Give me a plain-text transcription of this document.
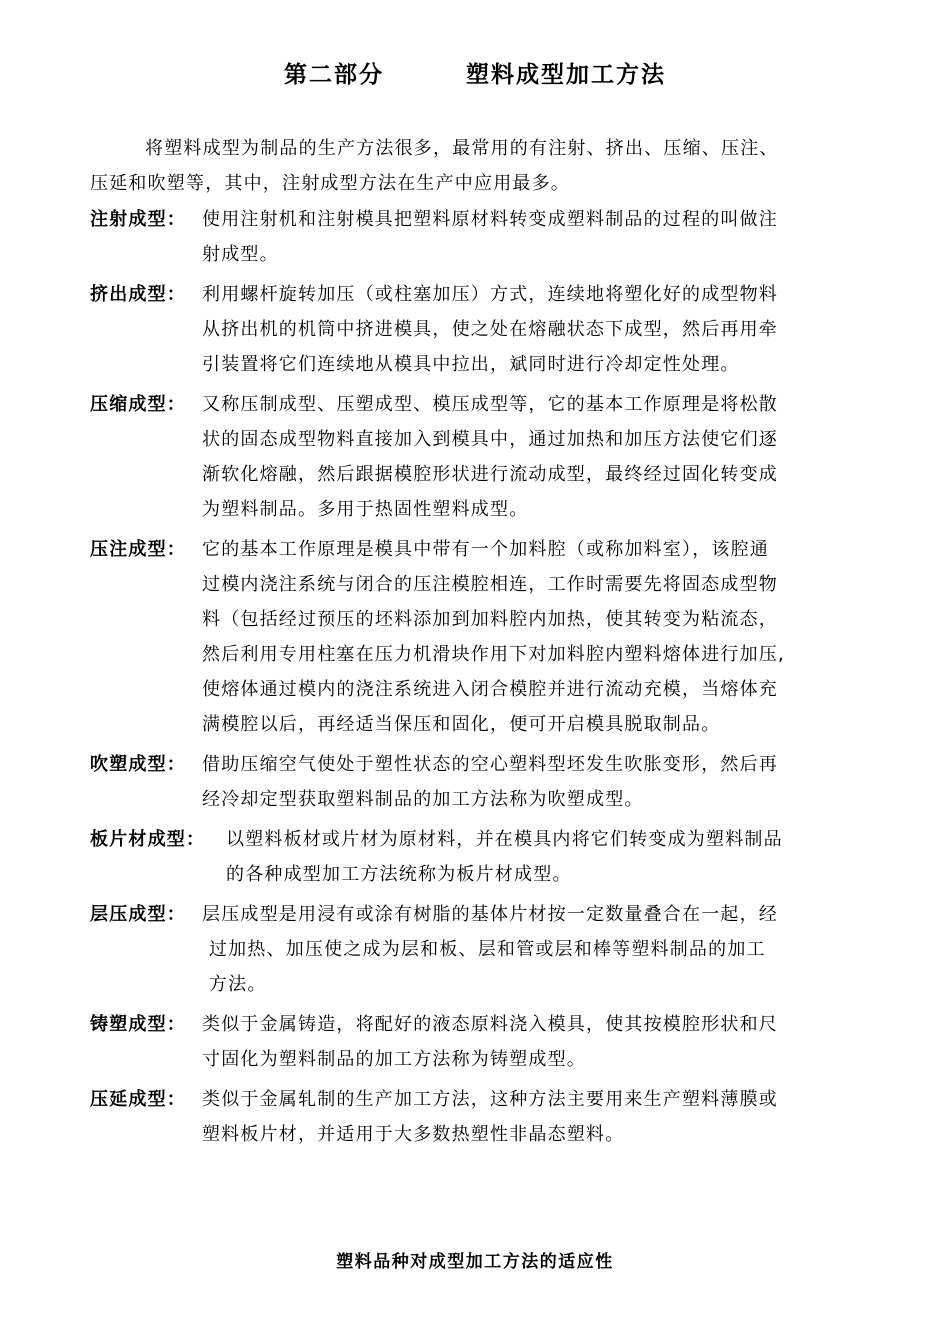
第二部分	塑料成型加工方法
将塑料成型为制品的生产方法很多，最常用的有注射、挤出、压缩、压注、
压延和吹塑等，其中，注射成型方法在生产中应用最多。
注射成型： 使用注射机和注射模具把塑料原材料转变成塑料制品的过程的叫做注
射成型。
挤出成型： 利用螺杆旋转加压（或柱塞加压）方式，连续地将塑化好的成型物料
从挤出机的机筒中挤进模具，使之处在熔融状态下成型，然后再用牵
引装置将它们连续地从模具中拉出，斌同时进行冷却定性处理。
压缩成型： 又称压制成型、压塑成型、模压成型等，它的基本工作原理是将松散
状的固态成型物料直接加入到模具中，通过加热和加压方法使它们逐
渐软化熔融，然后跟据模腔形状进行流动成型，最终经过固化转变成
为塑料制品。多用于热固性塑料成型。
压注成型： 它的基本工作原理是模具中带有一个加料腔（或称加料室），该腔通
过模内浇注系统与闭合的压注模腔相连，工作时需要先将固态成型物
料（包括经过预压的坯料添加到加料腔内加热，使其转变为粘流态，
然后利用专用柱塞在压力机滑块作用下对加料腔内塑料熔体进行加压,
使熔体通过模内的浇注系统进入闭合模腔并进行流动充模，当熔体充
满模腔以后，再经适当保压和固化，便可开启模具脱取制品。
吹塑成型： 借助压缩空气使处于塑性状态的空心塑料型坯发生吹胀变形，然后再
经冷却定型获取塑料制品的加工方法称为吹塑成型。
板片材成型： 以塑料板材或片材为原材料，并在模具内将它们转变成为塑料制品
的各种成型加工方法统称为板片材成型。
层压成型： 层压成型是用浸有或涂有树脂的基体片材按一定数量叠合在一起，经
过加热、加压使之成为层和板、层和管或层和棒等塑料制品的加工
方法。
铸塑成型： 类似于金属铸造，将配好的液态原料浇入模具，使其按模腔形状和尺
寸固化为塑料制品的加工方法称为铸塑成型。
压延成型： 类似于金属轧制的生产加工方法，这种方法主要用来生产塑料薄膜或
塑料板片材，并适用于大多数热塑性非晶态塑料。
塑料品种对成型加工方法的适应性
